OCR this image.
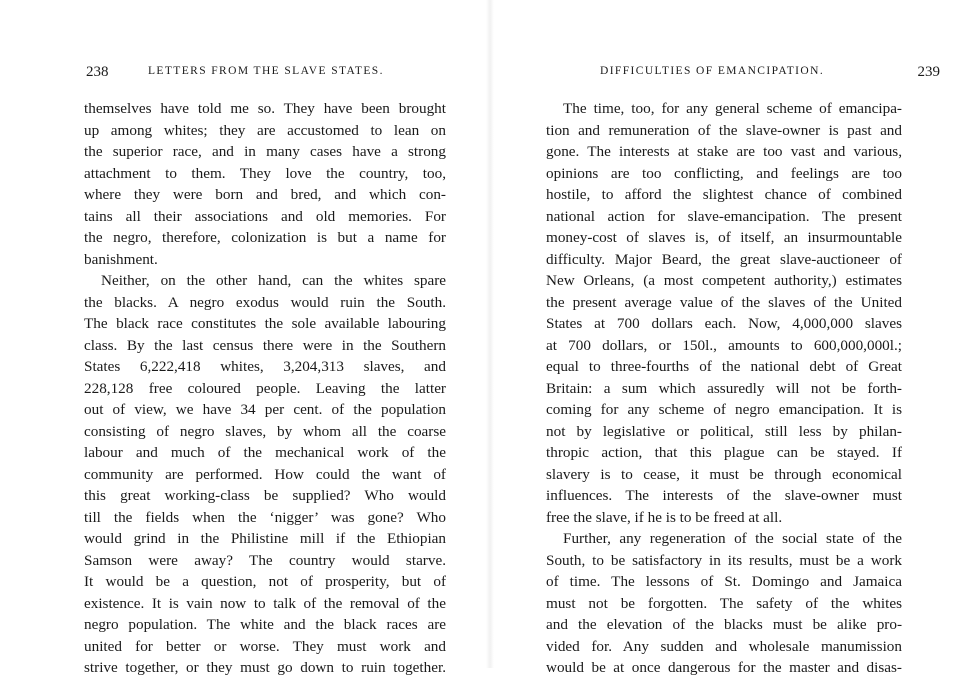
238	LETTERS FROM THE SLAVE STATES.
themselves have told me so. They have been brought
up among whites; they are accustomed to lean on
the superior race, and in many cases have a strong
attachment to them. They love the country, too,
where they were born and bred, and which con-
tains all their associations and old memories. For
the negro, therefore, colonization is but a name for
banishment.
Neither, on the other hand, can the whites spare
the blacks. A negro exodus would ruin the South.
The black race constitutes the sole available labouring
class. By the last census there were in the Southern
States 6,222,418 whites, 3,204,313 slaves, and
228,128 free coloured people. Leaving the latter
out of view, we have 34 per cent. of the population
consisting of negro slaves, by whom all the coarse
labour and much of the mechanical work of the
community are performed. How could the want of
this great working-class be supplied? Who would
till the fields when the ‘nigger’ was gone? Who
would grind in the Philistine mill if the Ethiopian
Samson were away? The country would starve.
It would be a question, not of prosperity, but of
existence. It is vain now to talk of the removal of the
negro population. The white and the black races are
united for better or worse. They must work and
strive together, or they must go down to ruin together.
DIFFICULTIES OF EMANCIPATION.	239
The time, too, for any general scheme of emancipa-
tion and remuneration of the slave-owner is past and
gone. The interests at stake are too vast and various,
opinions are too conflicting, and feelings are too
hostile, to afford the slightest chance of combined
national action for slave-emancipation. The present
money-cost of slaves is, of itself, an insurmountable
difficulty. Major Beard, the great slave-auctioneer of
New Orleans, (a most competent authority,) estimates
the present average value of the slaves of the United
States at 700 dollars each. Now, 4,000,000 slaves
at 700 dollars, or 150l., amounts to 600,000,000l.;
equal to three-fourths of the national debt of Great
Britain: a sum which assuredly will not be forth-
coming for any scheme of negro emancipation. It is
not by legislative or political, still less by philan-
thropic action, that this plague can be stayed. If
slavery is to cease, it must be through economical
influences. The interests of the slave-owner must
free the slave, if he is to be freed at all.
Further, any regeneration of the social state of the
South, to be satisfactory in its results, must be a work
of time. The lessons of St. Domingo and Jamaica
must not be forgotten. The safety of the whites
and the elevation of the blacks must be alike pro-
vided for. Any sudden and wholesale manumission
would be at once dangerous for the master and disas-
